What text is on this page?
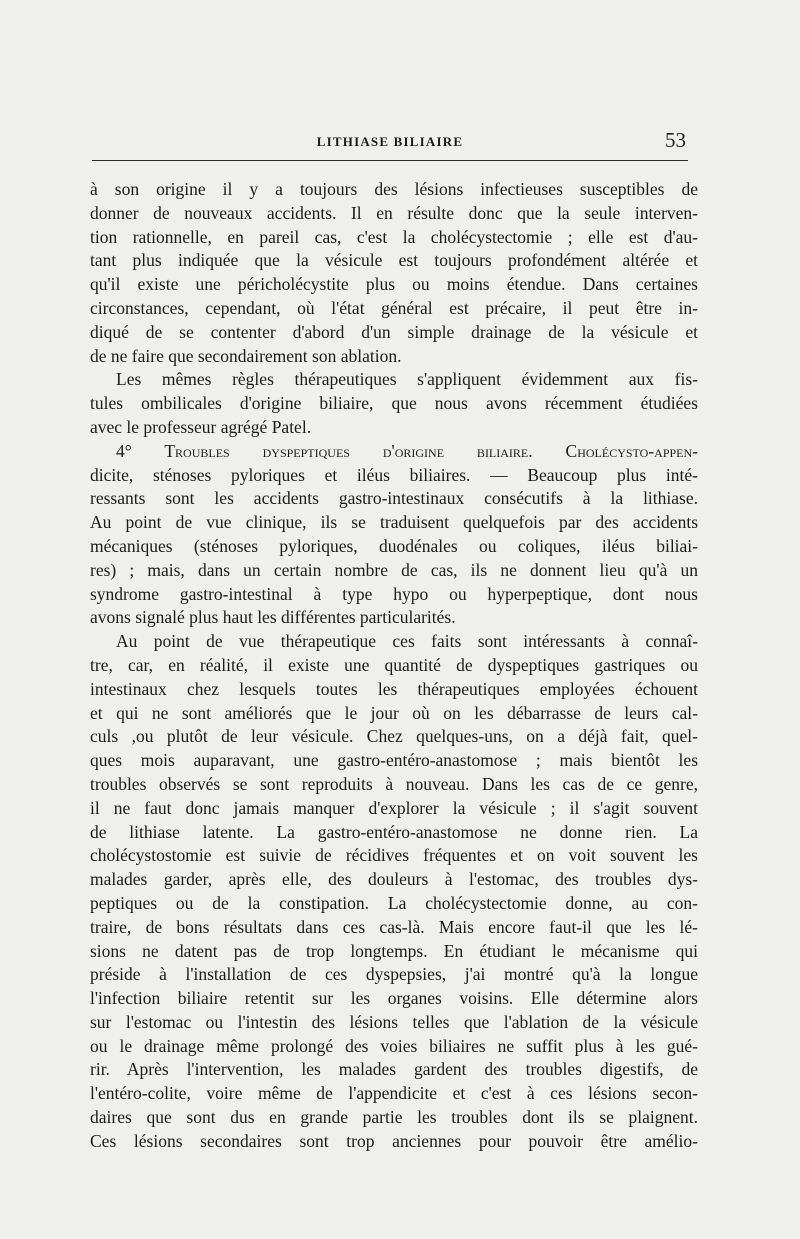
LITHIASE BILIAIRE	53
à son origine il y a toujours des lésions infectieuses susceptibles de
donner de nouveaux accidents. Il en résulte donc que la seule interven-
tion rationnelle, en pareil cas, c'est la cholécystectomie ; elle est d'au-
tant plus indiquée que la vésicule est toujours profondément altérée et
qu'il existe une péricholécystite plus ou moins étendue. Dans certaines
circonstances, cependant, où l'état général est précaire, il peut être in-
diqué de se contenter d'abord d'un simple drainage de la vésicule et
de ne faire que secondairement son ablation.
Les mêmes règles thérapeutiques s'appliquent évidemment aux fis-
tules ombilicales d'origine biliaire, que nous avons récemment étudiées
avec le professeur agrégé Patel.
4° Troubles dyspeptiques d'origine biliaire. Cholécysto-appen-
dicite, sténoses pyloriques et iléus biliaires. — Beaucoup plus inté-
ressants sont les accidents gastro-intestinaux consécutifs à la lithiase.
Au point de vue clinique, ils se traduisent quelquefois par des accidents
mécaniques (sténoses pyloriques, duodénales ou coliques, iléus biliai-
res) ; mais, dans un certain nombre de cas, ils ne donnent lieu qu'à un
syndrome gastro-intestinal à type hypo ou hyperpeptique, dont nous
avons signalé plus haut les différentes particularités.
Au point de vue thérapeutique ces faits sont intéressants à connaî-
tre, car, en réalité, il existe une quantité de dyspeptiques gastriques ou
intestinaux chez lesquels toutes les thérapeutiques employées échouent
et qui ne sont améliorés que le jour où on les débarrasse de leurs cal-
culs ,ou plutôt de leur vésicule. Chez quelques-uns, on a déjà fait, quel-
ques mois auparavant, une gastro-entéro-anastomose ; mais bientôt les
troubles observés se sont reproduits à nouveau. Dans les cas de ce genre,
il ne faut donc jamais manquer d'explorer la vésicule ; il s'agit souvent
de lithiase latente. La gastro-entéro-anastomose ne donne rien. La
cholécystostomie est suivie de récidives fréquentes et on voit souvent les
malades garder, après elle, des douleurs à l'estomac, des troubles dys-
peptiques ou de la constipation. La cholécystectomie donne, au con-
traire, de bons résultats dans ces cas-là. Mais encore faut-il que les lé-
sions ne datent pas de trop longtemps. En étudiant le mécanisme qui
préside à l'installation de ces dyspepsies, j'ai montré qu'à la longue
l'infection biliaire retentit sur les organes voisins. Elle détermine alors
sur l'estomac ou l'intestin des lésions telles que l'ablation de la vésicule
ou le drainage même prolongé des voies biliaires ne suffit plus à les gué-
rir. Après l'intervention, les malades gardent des troubles digestifs, de
l'entéro-colite, voire même de l'appendicite et c'est à ces lésions secon-
daires que sont dus en grande partie les troubles dont ils se plaignent.
Ces lésions secondaires sont trop anciennes pour pouvoir être amélio-
